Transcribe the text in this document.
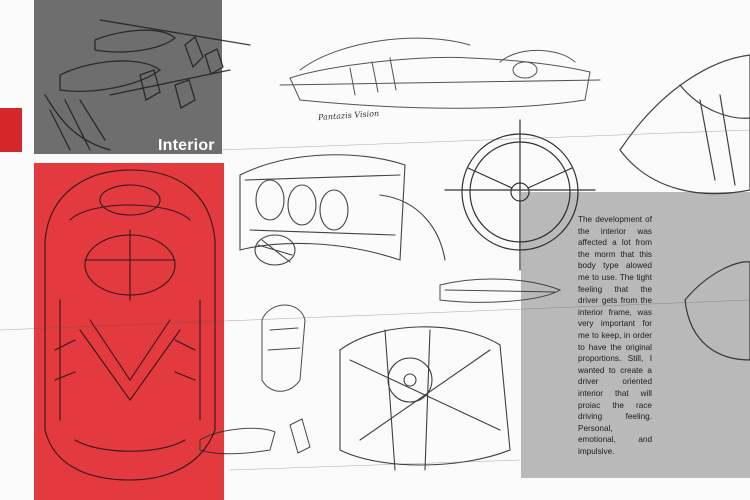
Pantazis Vision
Interior
The development of the interior was affected a lot from the morm that this body type alowed me to use. The tight feeling that the driver gets from the interior frame, was very important for me to keep, in order to have the original proportions. Still, I wanted to create a driver oriented interior that will proiac the race driving feeling. Personal, emotional, and impulsive.
